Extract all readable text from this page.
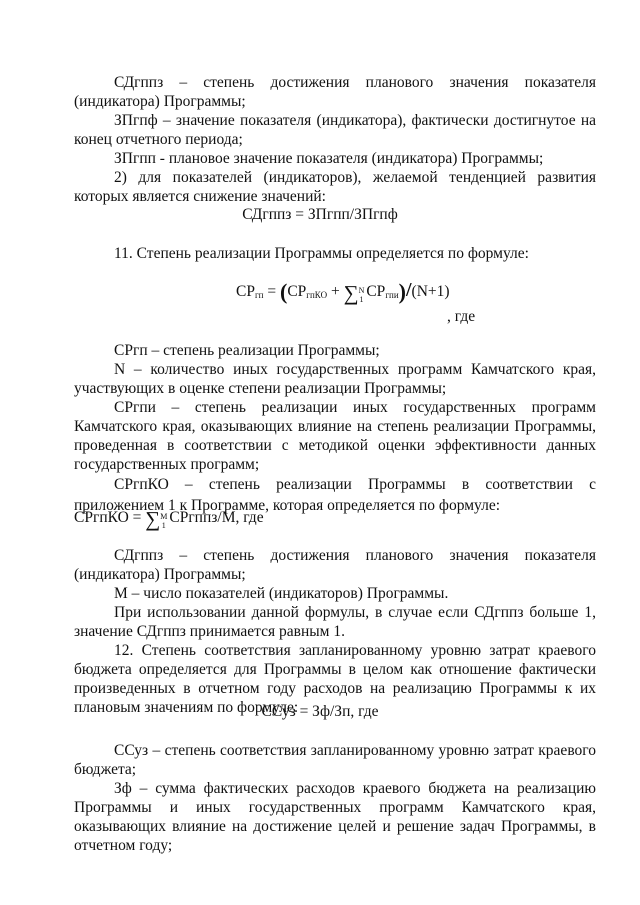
СДгппз – степень достижения планового значения показателя (индикатора) Программы;

ЗПгпф – значение показателя (индикатора), фактически достигнутое на конец отчетного периода;

ЗПгпп - плановое значение показателя (индикатора) Программы;

2) для показателей (индикаторов), желаемой тенденцией развития которых является снижение значений:

СДгппз = ЗПгпп/ЗПгпф

11. Степень реализации Программы определяется по формуле:

$СР_{гп} = (СР_{гпКО} + \sum N$
1 $СР_{гпи})/(N+1)$
, где

СРгп – степень реализации Программы;

N – количество иных государственных программ Камчатского края, участвующих в оценке степени реализации Программы;

СРгпи – степень реализации иных государственных программ Камчатского края, оказывающих влияние на степень реализации Программы, проведенная в соответствии с методикой оценки эффективности данных государственных программ;

СРгпКО – степень реализации Программы в соответствии с приложением 1 к Программе, которая определяется по формуле:

СРгпКО = ∑M
1 СРгппз/М, где

СДгппз – степень достижения планового значения показателя (индикатора) Программы;

М – число показателей (индикаторов) Программы.

При использовании данной формулы, в случае если СДгппз больше 1, значение СДгппз принимается равным 1.

12. Степень соответствия запланированному уровню затрат краевого бюджета определяется для Программы в целом как отношение фактически произведенных в отчетном году расходов на реализацию Программы к их плановым значениям по формуле:

ССуз = Зф/Зп, где

ССуз – степень соответствия запланированному уровню затрат краевого бюджета;

Зф – сумма фактических расходов краевого бюджета на реализацию Программы и иных государственных программ Камчатского края, оказывающих влияние на достижение целей и решение задач Программы, в отчетном году;
